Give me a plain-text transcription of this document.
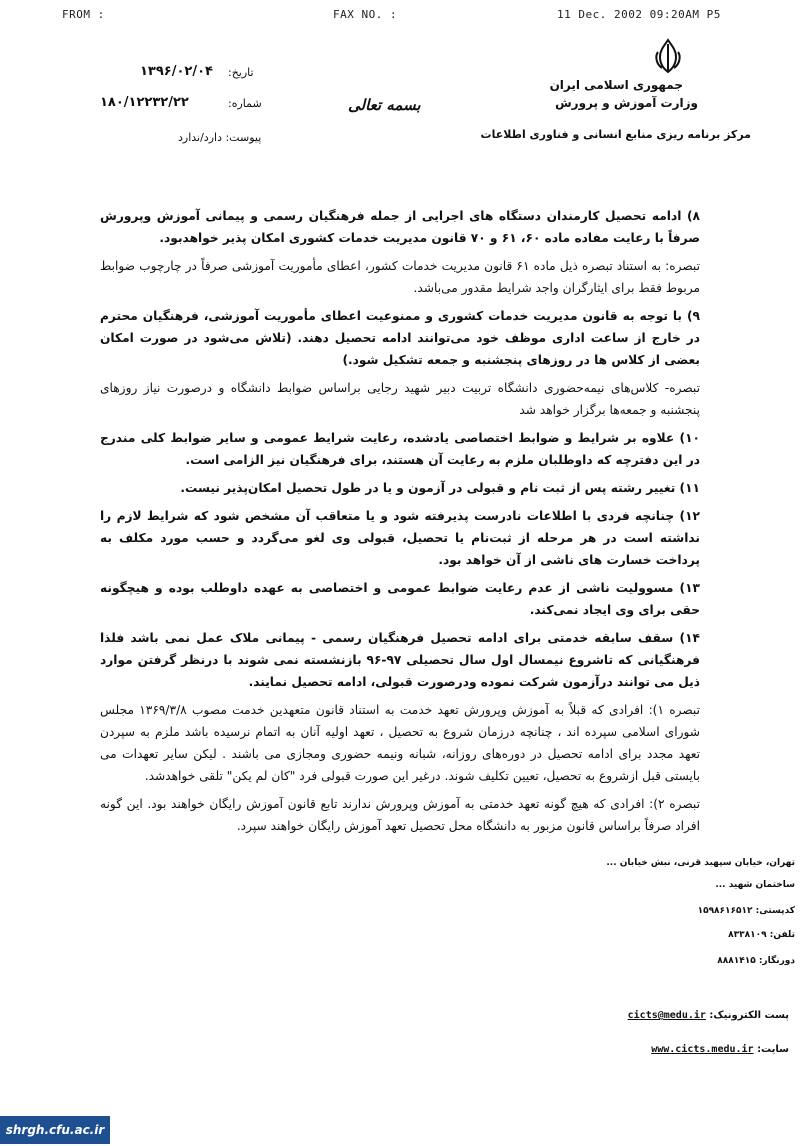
FROM :	FAX NO. :	11 Dec. 2002 09:20AM P5
جمهوری اسلامی ایران
وزارت آموزش و پرورش
مرکز برنامه ریزی منابع انسانی و فناوری اطلاعات
بسمه تعالی
تاریخ:
۱۳۹۶/۰۲/۰۴
شماره:
۱۸۰/۱۲۲۳۲/۲۲
پیوست: دارد/ندارد

۸) ادامه تحصیل کارمندان دستگاه های اجرایی از جمله فرهنگیان رسمی و پیمانی آموزش وپرورش صرفاً با رعایت مفاده ماده ۶۰، ۶۱ و ۷۰ قانون مدیریت خدمات کشوری امکان پذیر خواهدبود.

تبصره: به استناد تبصره ذیل ماده ۶۱ قانون مدیریت خدمات کشور، اعطای مأموریت آموزشی صرفاً در چارچوب ضوابط مربوط فقط برای ایثارگران واجد شرایط مقدور می‌باشد.

۹) با توجه به قانون مدیریت خدمات کشوری و ممنوعیت اعطای مأموریت آموزشی، فرهنگیان محترم در خارج از ساعت اداری موظف خود می‌توانند ادامه تحصیل دهند. (تلاش می‌شود در صورت امکان بعضی از کلاس ها در روزهای پنجشنبه و جمعه تشکیل شود.)

تبصره- کلاس‌های نیمه‌حضوری دانشگاه تربیت دبیر شهید رجایی براساس ضوابط دانشگاه و درصورت نیاز روزهای پنجشنبه و جمعه‌ها برگزار خواهد شد

۱۰) علاوه بر شرایط و ضوابط اختصاصی یادشده، رعایت شرایط عمومی و سایر ضوابط کلی مندرج در این دفترچه که داوطلبان ملزم به رعایت آن هستند، برای فرهنگیان نیز الزامی است.

۱۱) تغییر رشته پس از ثبت نام و قبولی در آزمون و یا در طول تحصیل امکان‌پذیر نیست.

۱۲) چنانچه فردی با اطلاعات نادرست پذیرفته شود و یا متعاقب آن مشخص شود که شرایط لازم را نداشته است در هر مرحله از ثبت‌نام یا تحصیل، قبولی وی لغو می‌گردد و حسب مورد مکلف به پرداخت خسارت های ناشی از آن خواهد بود.

۱۳) مسوولیت ناشی از عدم رعایت ضوابط عمومی و اختصاصی به عهده داوطلب بوده و هیچگونه حقی برای وی ایجاد نمی‌کند.

۱۴) سقف سابقه خدمتی برای ادامه تحصیل فرهنگیان رسمی - پیمانی ملاک عمل نمی باشد فلذا فرهنگیانی که تاشروع نیمسال اول سال تحصیلی ۹۷-۹۶ بازنشسته نمی شوند با درنظر گرفتن موارد ذیل می توانند درآزمون شرکت نموده ودرصورت قبولی، ادامه تحصیل نمایند.

تبصره ۱): افرادی که قبلاً به آموزش وپرورش تعهد خدمت به استناد قانون متعهدین خدمت مصوب ۱۳۶۹/۳/۸ مجلس شورای اسلامی سپرده اند ، چنانچه درزمان شروع به تحصیل ، تعهد اولیه آنان به اتمام نرسیده باشد ملزم به سپردن تعهد مجدد برای ادامه تحصیل در دوره‌های روزانه، شبانه ونیمه حضوری ومجازی می باشند . لیکن سایر تعهدات می بایستی قبل ازشروع به تحصیل، تعیین تکلیف شوند. درغیر این صورت قبولی فرد "کان لم یکن" تلقی خواهدشد.

تبصره ۲): افرادی که هیچ گونه تعهد خدمتی به آموزش وپرورش ندارند تابع قانون آموزش رایگان خواهند بود. این گونه افراد صرفاً براساس قانون مزبور به دانشگاه محل تحصیل تعهد آموزش رایگان خواهند سپرد.

تهران، خیابان سپهبد قرنی، نبش خیابان ...
ساختمان شهید ...
کدپستی: ۱۵۹۸۶۱۶۵۱۲
تلفن: ۸۳۳۸۱۰۹
دورنگار: ۸۸۸۱۴۱۵
پست الکترونیک: cicts@medu.ir
سایت: www.cicts.medu.ir
shrgh.cfu.ac.ir
